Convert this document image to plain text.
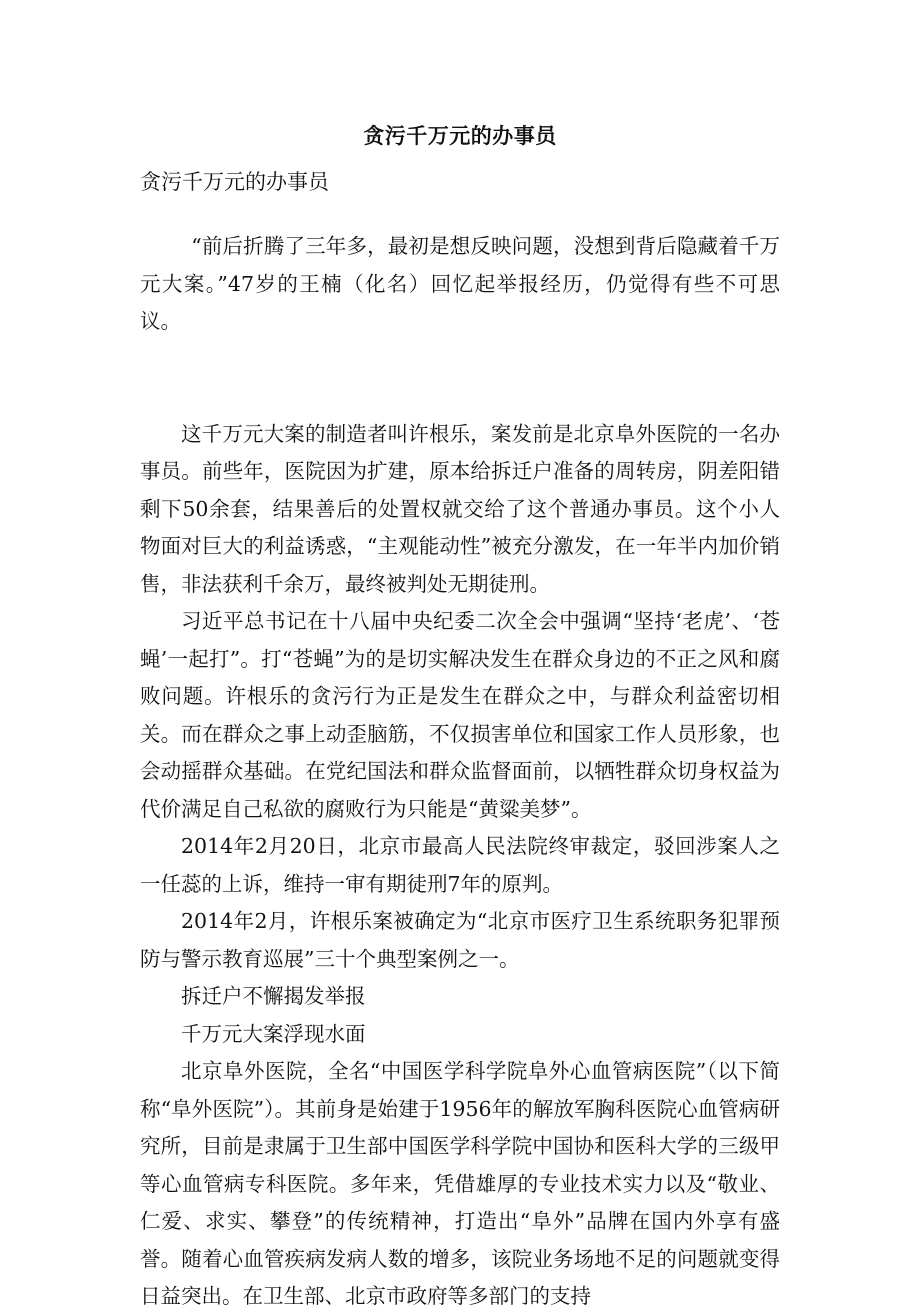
贪污千万元的办事员
贪污千万元的办事员

“前后折腾了三年多，最初是想反映问题，没想到背后隐藏着千万元大案。”47岁的王楠（化名）回忆起举报经历，仍觉得有些不可思议。

这千万元大案的制造者叫许根乐，案发前是北京阜外医院的一名办事员。前些年，医院因为扩建，原本给拆迁户准备的周转房，阴差阳错剩下50余套，结果善后的处置权就交给了这个普通办事员。这个小人物面对巨大的利益诱惑，“主观能动性”被充分激发，在一年半内加价销售，非法获利千余万，最终被判处无期徒刑。

习近平总书记在十八届中央纪委二次全会中强调“坚持‘老虎’、‘苍蝇’一起打”。打“苍蝇”为的是切实解决发生在群众身边的不正之风和腐败问题。许根乐的贪污行为正是发生在群众之中，与群众利益密切相关。而在群众之事上动歪脑筋，不仅损害单位和国家工作人员形象，也会动摇群众基础。在党纪国法和群众监督面前，以牺牲群众切身权益为代价满足自己私欲的腐败行为只能是“黄粱美梦”。

2014年2月20日，北京市最高人民法院终审裁定，驳回涉案人之一任蕊的上诉，维持一审有期徒刑7年的原判。

2014年2月，许根乐案被确定为“北京市医疗卫生系统职务犯罪预防与警示教育巡展”三十个典型案例之一。

拆迁户不懈揭发举报

千万元大案浮现水面

北京阜外医院，全名“中国医学科学院阜外心血管病医院”（以下简称“阜外医院”）。其前身是始建于1956年的解放军胸科医院心血管病研究所，目前是隶属于卫生部中国医学科学院中国协和医科大学的三级甲等心血管病专科医院。多年来，凭借雄厚的专业技术实力以及“敬业、仁爱、求实、攀登”的传统精神，打造出“阜外”品牌在国内外享有盛誉。随着心血管疾病发病人数的增多，该院业务场地不足的问题就变得日益突出。在卫生部、北京市政府等多部门的支持
